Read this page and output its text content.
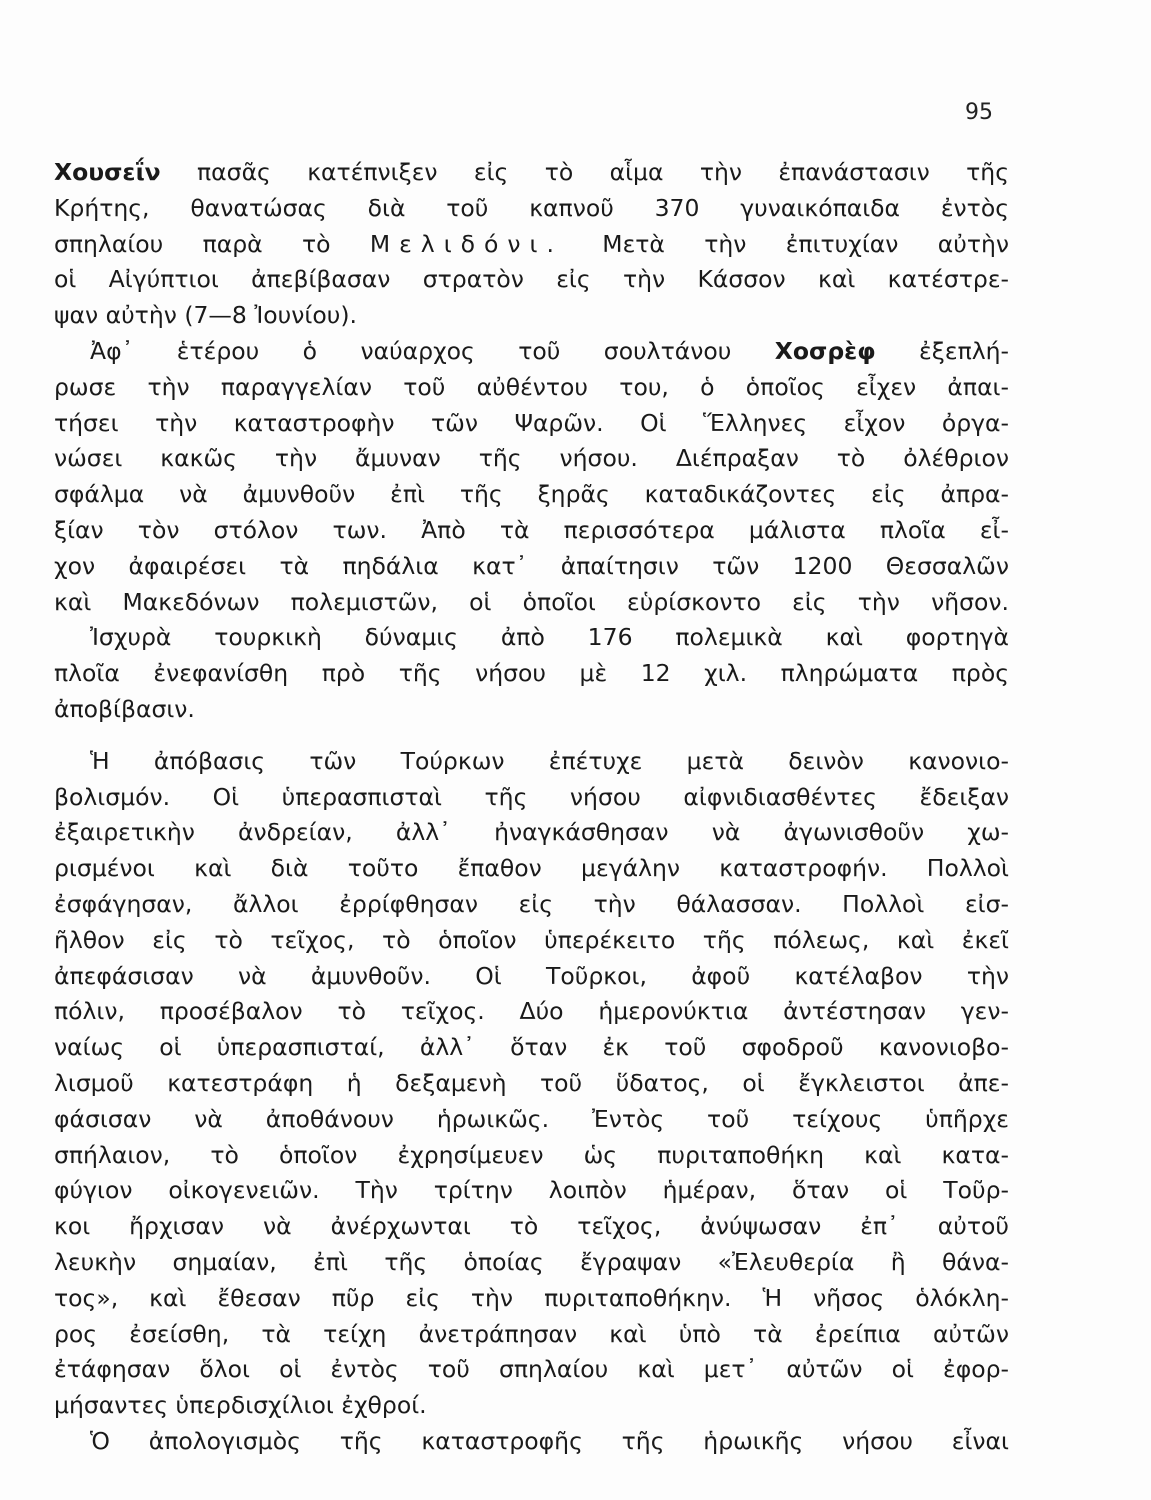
95
Χουσεΐν πασᾶς κατέπνιξεν εἰς τὸ αἷμα τὴν ἐπανάστασιν τῆς
Κρήτης, θανατώσας διὰ τοῦ καπνοῦ 370 γυναικόπαιδα ἐντὸς
σπηλαίου παρὰ τὸ Μελιδόνι. Μετὰ τὴν ἐπιτυχίαν αὐτὴν
οἱ Αἰγύπτιοι ἀπεβίβασαν στρατὸν εἰς τὴν Κάσσον καὶ κατέστρε-
ψαν αὐτὴν (7—8 Ἰουνίου).
Ἀφ᾽ ἑτέρου ὁ ναύαρχος τοῦ σουλτάνου Χοσρὲφ ἐξεπλή-
ρωσε τὴν παραγγελίαν τοῦ αὐθέντου του, ὁ ὁποῖος εἶχεν ἀπαι-
τήσει τὴν καταστροφὴν τῶν Ψαρῶν. Οἱ Ἕλληνες εἶχον ὀργα-
νώσει κακῶς τὴν ἄμυναν τῆς νήσου. Διέπραξαν τὸ ὀλέθριον
σφάλμα νὰ ἀμυνθοῦν ἐπὶ τῆς ξηρᾶς καταδικάζοντες εἰς ἀπρα-
ξίαν τὸν στόλον των. Ἀπὸ τὰ περισσότερα μάλιστα πλοῖα εἶ-
χον ἀφαιρέσει τὰ πηδάλια κατ᾽ ἀπαίτησιν τῶν 1200 Θεσσαλῶν
καὶ Μακεδόνων πολεμιστῶν, οἱ ὁποῖοι εὑρίσκοντο εἰς τὴν νῆσον.
Ἰσχυρὰ τουρκικὴ δύναμις ἀπὸ 176 πολεμικὰ καὶ φορτηγὰ
πλοῖα ἐνεφανίσθη πρὸ τῆς νήσου μὲ 12 χιλ. πληρώματα πρὸς
ἀποβίβασιν.
Ἡ ἀπόβασις τῶν Τούρκων ἐπέτυχε μετὰ δεινὸν κανονιο-
βολισμόν. Οἱ ὑπερασπισταὶ τῆς νήσου αἰφνιδιασθέντες ἔδειξαν
ἐξαιρετικὴν ἀνδρείαν, ἀλλ᾽ ἠναγκάσθησαν νὰ ἀγωνισθοῦν χω-
ρισμένοι καὶ διὰ τοῦτο ἔπαθον μεγάλην καταστροφήν. Πολλοὶ
ἐσφάγησαν, ἄλλοι ἐρρίφθησαν εἰς τὴν θάλασσαν. Πολλοὶ εἰσ-
ῆλθον εἰς τὸ τεῖχος, τὸ ὁποῖον ὑπερέκειτο τῆς πόλεως, καὶ ἐκεῖ
ἀπεφάσισαν νὰ ἀμυνθοῦν. Οἱ Τοῦρκοι, ἀφοῦ κατέλαβον τὴν
πόλιν, προσέβαλον τὸ τεῖχος. Δύο ἡμερονύκτια ἀντέστησαν γεν-
ναίως οἱ ὑπερασπισταί, ἀλλ᾽ ὅταν ἐκ τοῦ σφοδροῦ κανονιοβο-
λισμοῦ κατεστράφη ἡ δεξαμενὴ τοῦ ὕδατος, οἱ ἔγκλειστοι ἀπε-
φάσισαν νὰ ἀποθάνουν ἡρωικῶς. Ἐντὸς τοῦ τείχους ὑπῆρχε
σπήλαιον, τὸ ὁποῖον ἐχρησίμευεν ὡς πυριταποθήκη καὶ κατα-
φύγιον οἰκογενειῶν. Τὴν τρίτην λοιπὸν ἡμέραν, ὅταν οἱ Τοῦρ-
κοι ἤρχισαν νὰ ἀνέρχωνται τὸ τεῖχος, ἀνύψωσαν ἐπ᾽ αὐτοῦ
λευκὴν σημαίαν, ἐπὶ τῆς ὁποίας ἔγραψαν «Ἐλευθερία ἢ θάνα-
τος», καὶ ἔθεσαν πῦρ εἰς τὴν πυριταποθήκην. Ἡ νῆσος ὁλόκλη-
ρος ἐσείσθη, τὰ τείχη ἀνετράπησαν καὶ ὑπὸ τὰ ἐρείπια αὐτῶν
ἐτάφησαν ὅλοι οἱ ἐντὸς τοῦ σπηλαίου καὶ μετ᾽ αὐτῶν οἱ ἐφορ-
μήσαντες ὑπερδισχίλιοι ἐχθροί.
Ὁ ἀπολογισμὸς τῆς καταστροφῆς τῆς ἡρωικῆς νήσου εἶναι
